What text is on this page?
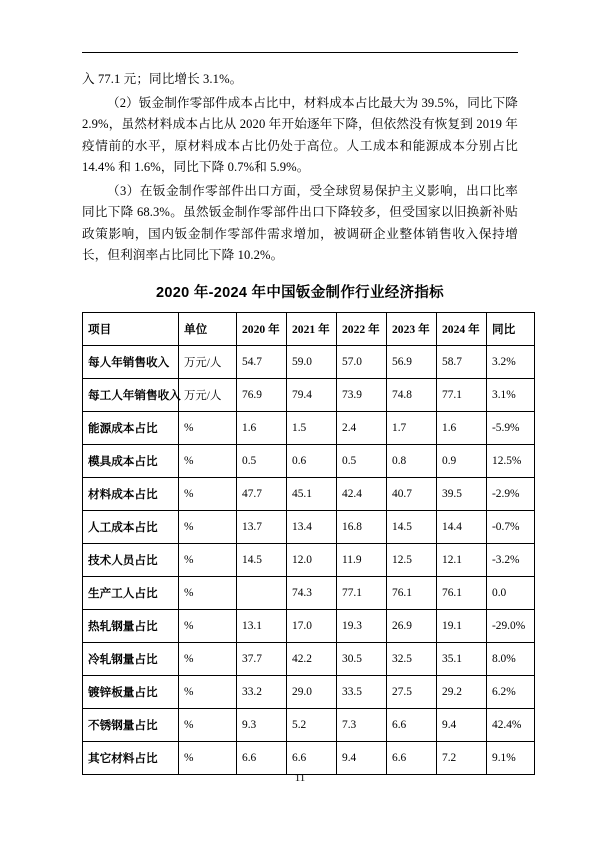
入 77.1 元；同比增长 3.1%。

（2）钣金制作零部件成本占比中，材料成本占比最大为 39.5%，同比下降 2.9%，虽然材料成本占比从 2020 年开始逐年下降，但依然没有恢复到 2019 年疫情前的水平，原材料成本占比仍处于高位。人工成本和能源成本分别占比 14.4% 和 1.6%，同比下降 0.7%和 5.9%。

（3）在钣金制作零部件出口方面，受全球贸易保护主义影响，出口比率同比下降 68.3%。虽然钣金制作零部件出口下降较多，但受国家以旧换新补贴政策影响，国内钣金制作零部件需求增加，被调研企业整体销售收入保持增长，但利润率占比同比下降 10.2%。

2020 年-2024 年中国钣金制作行业经济指标
项目	单位	2020 年	2021 年	2022 年	2023 年	2024 年	同比
每人年销售收入	万元/人	54.7	59.0	57.0	56.9	58.7	3.2%
每工人年销售收入	万元/人	76.9	79.4	73.9	74.8	77.1	3.1%
能源成本占比	%	1.6	1.5	2.4	1.7	1.6	-5.9%
模具成本占比	%	0.5	0.6	0.5	0.8	0.9	12.5%
材料成本占比	%	47.7	45.1	42.4	40.7	39.5	-2.9%
人工成本占比	%	13.7	13.4	16.8	14.5	14.4	-0.7%
技术人员占比	%	14.5	12.0	11.9	12.5	12.1	-3.2%
生产工人占比	%		74.3	77.1	76.1	76.1	0.0
热轧钢量占比	%	13.1	17.0	19.3	26.9	19.1	-29.0%
冷轧钢量占比	%	37.7	42.2	30.5	32.5	35.1	8.0%
镀锌板量占比	%	33.2	29.0	33.5	27.5	29.2	6.2%
不锈钢量占比	%	9.3	5.2	7.3	6.6	9.4	42.4%
其它材料占比	%	6.6	6.6	9.4	6.6	7.2	9.1%
11
